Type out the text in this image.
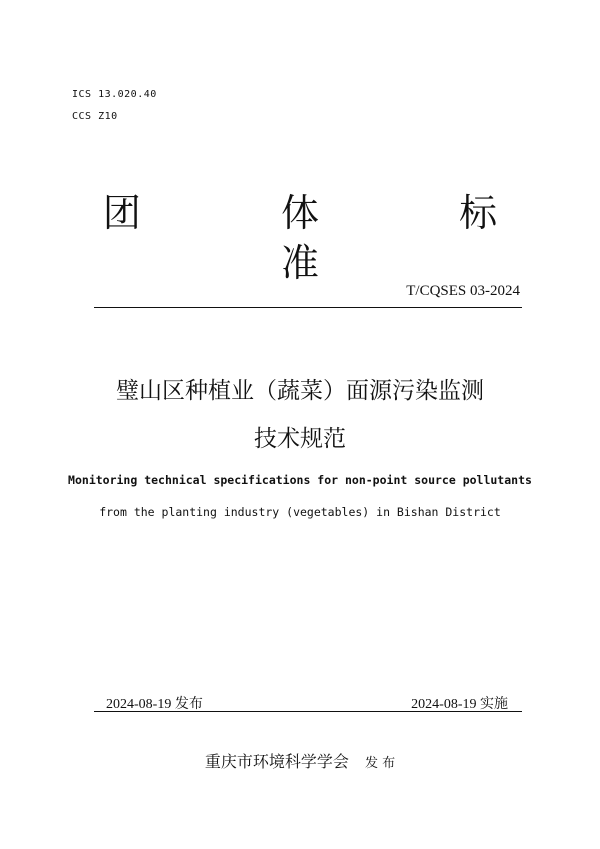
ICS 13.020.40
CCS Z10
团 体 标 准
T/CQSES 03-2024
璧山区种植业（蔬菜）面源污染监测
技术规范
Monitoring technical specifications for non-point source pollutants
from the planting industry (vegetables) in Bishan District
2024-08-19 发布	2024-08-19 实施
重庆市环境科学学会 发 布
